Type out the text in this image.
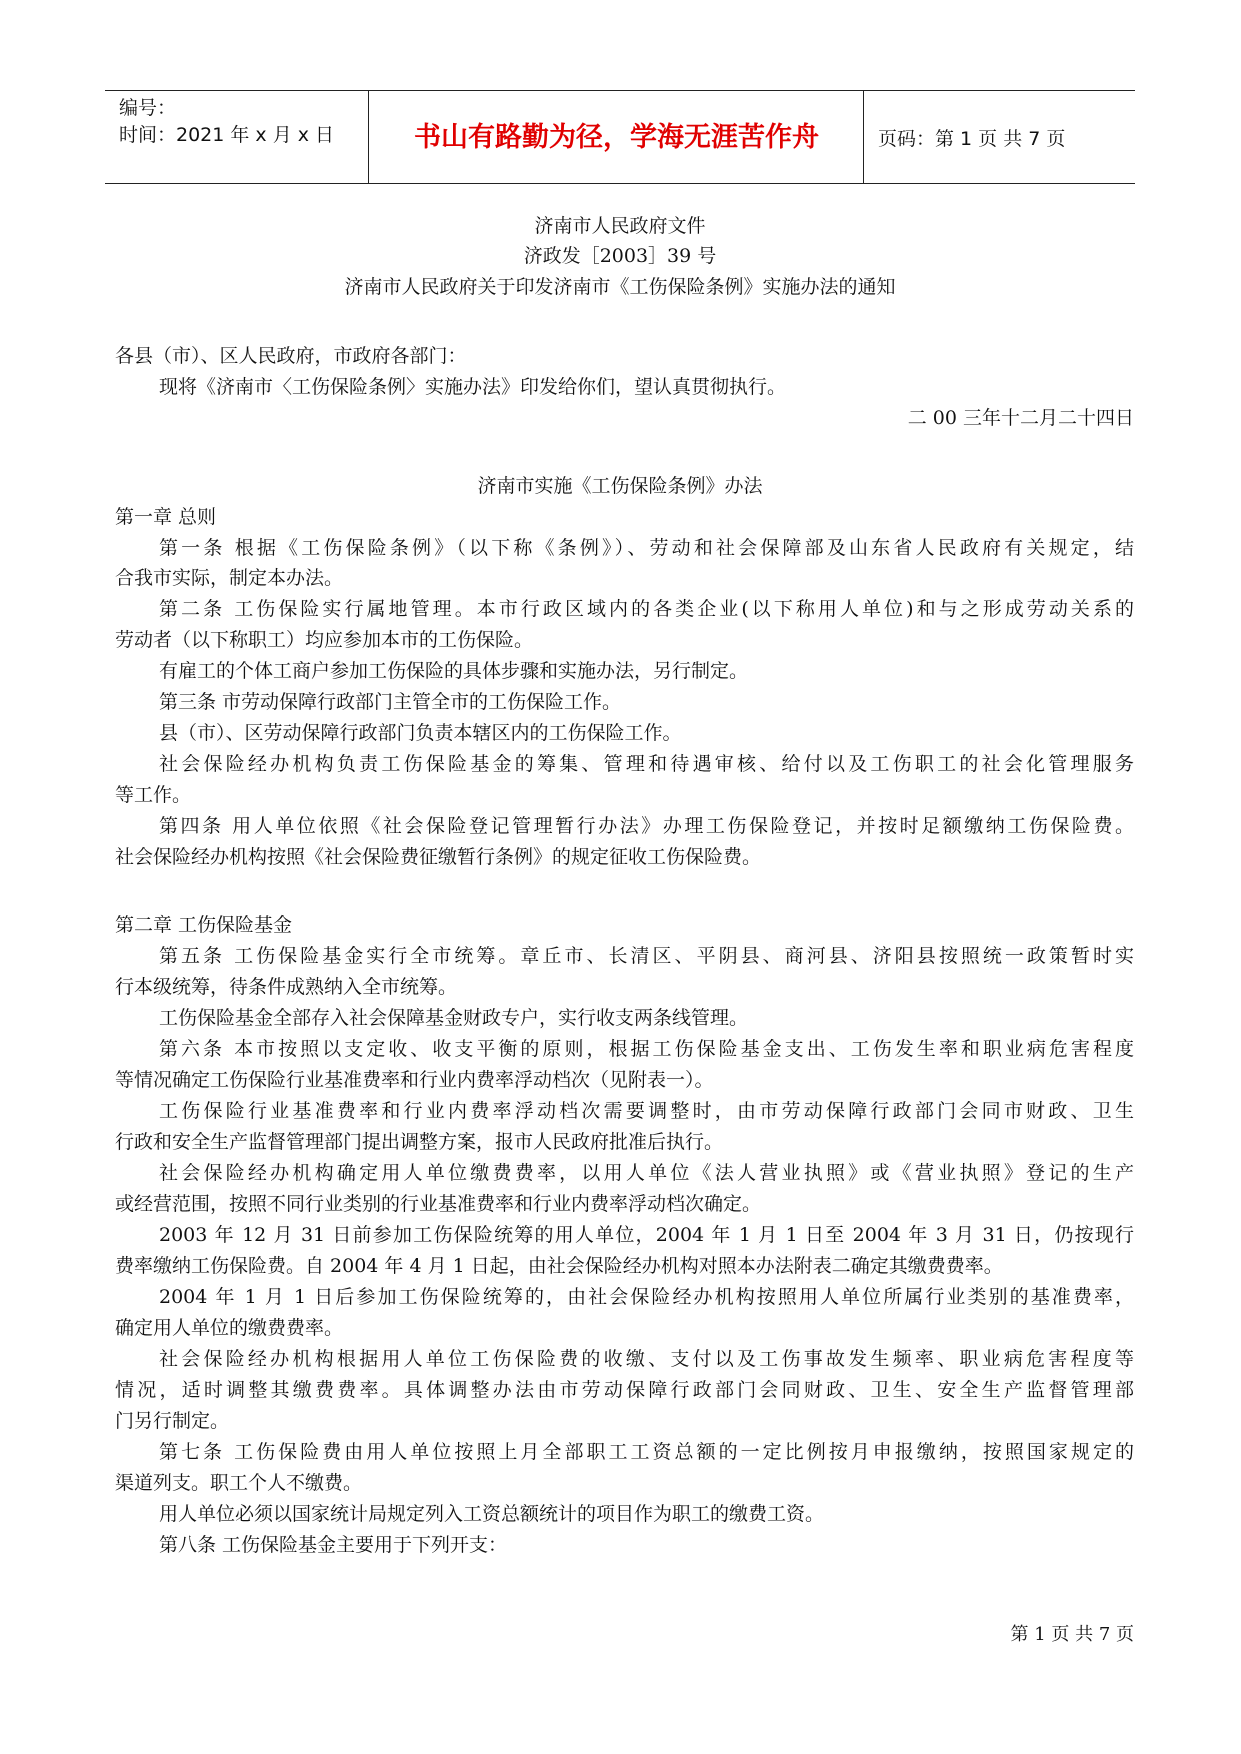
编号：
时间：2021 年 x 月 x 日	书山有路勤为径，学海无涯苦作舟	页码：第 1 页 共 7 页
济南市人民政府文件
济政发［2003］39 号
济南市人民政府关于印发济南市《工伤保险条例》实施办法的通知
各县（市）、区人民政府，市政府各部门：
现将《济南市〈工伤保险条例〉实施办法》印发给你们，望认真贯彻执行。
二 00 三年十二月二十四日
济南市实施《工伤保险条例》办法
第一章 总则
第一条 根据《工伤保险条例》（以下称《条例》）、劳动和社会保障部及山东省人民政府有关规定，结
合我市实际，制定本办法。
第二条 工伤保险实行属地管理。本市行政区域内的各类企业(以下称用人单位)和与之形成劳动关系的
劳动者（以下称职工）均应参加本市的工伤保险。
有雇工的个体工商户参加工伤保险的具体步骤和实施办法，另行制定。
第三条 市劳动保障行政部门主管全市的工伤保险工作。
县（市）、区劳动保障行政部门负责本辖区内的工伤保险工作。
社会保险经办机构负责工伤保险基金的筹集、管理和待遇审核、给付以及工伤职工的社会化管理服务
等工作。
第四条 用人单位依照《社会保险登记管理暂行办法》办理工伤保险登记，并按时足额缴纳工伤保险费。
社会保险经办机构按照《社会保险费征缴暂行条例》的规定征收工伤保险费。
第二章 工伤保险基金
第五条 工伤保险基金实行全市统筹。章丘市、长清区、平阴县、商河县、济阳县按照统一政策暂时实
行本级统筹，待条件成熟纳入全市统筹。
工伤保险基金全部存入社会保障基金财政专户，实行收支两条线管理。
第六条 本市按照以支定收、收支平衡的原则，根据工伤保险基金支出、工伤发生率和职业病危害程度
等情况确定工伤保险行业基准费率和行业内费率浮动档次（见附表一）。
工伤保险行业基准费率和行业内费率浮动档次需要调整时，由市劳动保障行政部门会同市财政、卫生
行政和安全生产监督管理部门提出调整方案，报市人民政府批准后执行。
社会保险经办机构确定用人单位缴费费率，以用人单位《法人营业执照》或《营业执照》登记的生产
或经营范围，按照不同行业类别的行业基准费率和行业内费率浮动档次确定。
2003 年 12 月 31 日前参加工伤保险统筹的用人单位，2004 年 1 月 1 日至 2004 年 3 月 31 日，仍按现行
费率缴纳工伤保险费。自 2004 年 4 月 1 日起，由社会保险经办机构对照本办法附表二确定其缴费费率。
2004 年 1 月 1 日后参加工伤保险统筹的，由社会保险经办机构按照用人单位所属行业类别的基准费率，
确定用人单位的缴费费率。
社会保险经办机构根据用人单位工伤保险费的收缴、支付以及工伤事故发生频率、职业病危害程度等
情况，适时调整其缴费费率。具体调整办法由市劳动保障行政部门会同财政、卫生、安全生产监督管理部
门另行制定。
第七条 工伤保险费由用人单位按照上月全部职工工资总额的一定比例按月申报缴纳，按照国家规定的
渠道列支。职工个人不缴费。
用人单位必须以国家统计局规定列入工资总额统计的项目作为职工的缴费工资。
第八条 工伤保险基金主要用于下列开支：
第 1 页 共 7 页
